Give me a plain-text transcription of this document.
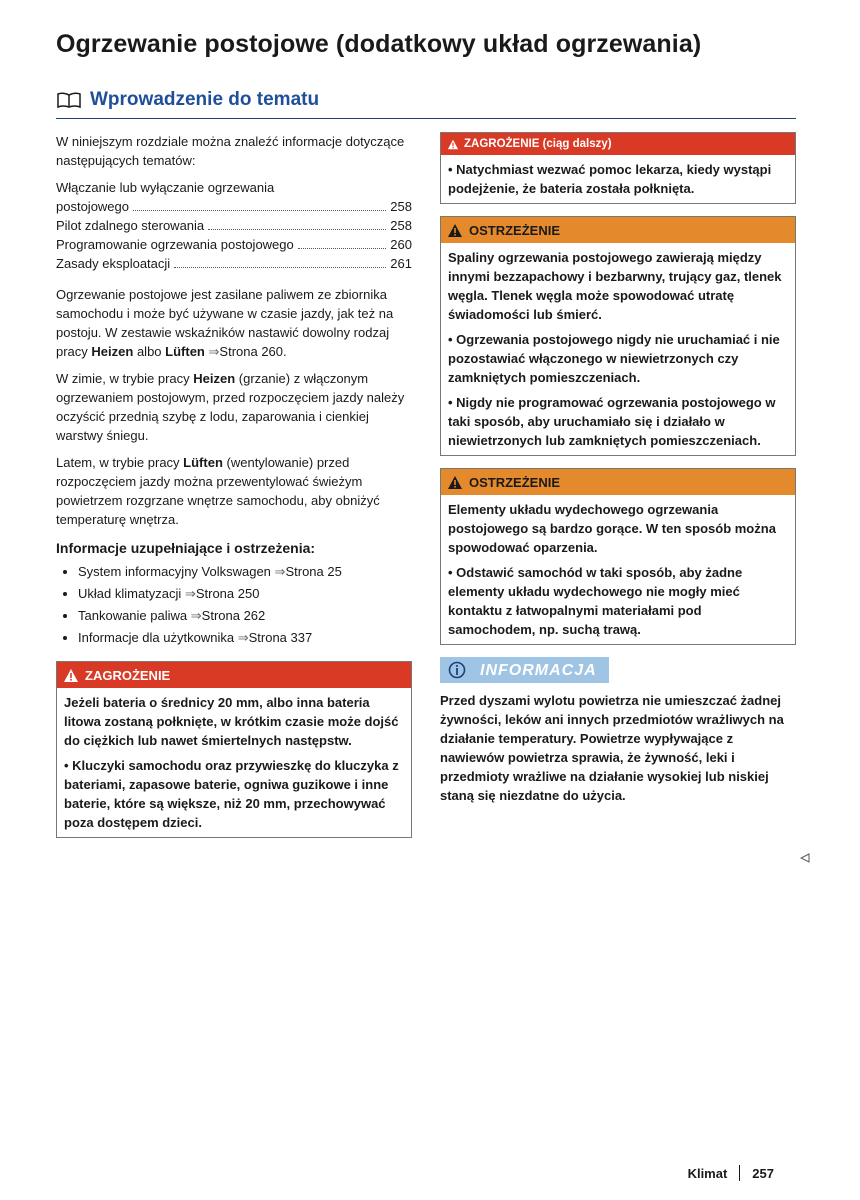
Ogrzewanie postojowe (dodatkowy układ ogrzewania)
Wprowadzenie do tematu

W niniejszym rozdziale można znaleźć informacje dotyczące następujących tematów:

Włączanie lub wyłączanie ogrzewania
postojowego	258
Pilot zdalnego sterowania	258
Programowanie ogrzewania postojowego	260
Zasady eksploatacji	261

Ogrzewanie postojowe jest zasilane paliwem ze zbiornika samochodu i może być używane w czasie jazdy, jak też na postoju. W zestawie wskaźników nastawić dowolny rodzaj pracy Heizen albo Lüften ⇒Strona 260.

W zimie, w trybie pracy Heizen (grzanie) z włączonym ogrzewaniem postojowym, przed rozpoczęciem jazdy należy oczyścić przednią szybę z lodu, zaparowania i cienkiej warstwy śniegu.

Latem, w trybie pracy Lüften (wentylowanie) przed rozpoczęciem jazdy można przewentylować świeżym powietrzem rozgrzane wnętrze samochodu, aby obniżyć temperaturę wnętrza.

Informacje uzupełniające i ostrzeżenia:
• System informacyjny Volkswagen ⇒Strona 25
• Układ klimatyzacji ⇒Strona 250
• Tankowanie paliwa ⇒Strona 262
• Informacje dla użytkownika ⇒Strona 337
ZAGROŻENIE

Jeżeli bateria o średnicy 20 mm, albo inna bateria litowa zostaną połknięte, w krótkim czasie może dojść do ciężkich lub nawet śmiertelnych następstw.

• Kluczyki samochodu oraz przywieszkę do kluczyka z bateriami, zapasowe baterie, ogniwa guzikowe i inne baterie, które są większe, niż 20 mm, przechowywać poza dostępem dzieci.

ZAGROŻENIE (ciąg dalszy)

• Natychmiast wezwać pomoc lekarza, kiedy wystąpi podejżenie, że bateria została połknięta.

OSTRZEŻENIE

Spaliny ogrzewania postojowego zawierają między innymi bezzapachowy i bezbarwny, trujący gaz, tlenek węgla. Tlenek węgla może spowodować utratę świadomości lub śmierć.

• Ogrzewania postojowego nigdy nie uruchamiać i nie pozostawiać włączonego w niewietrzonych czy zamkniętych pomieszczeniach.

• Nigdy nie programować ogrzewania postojowego w taki sposób, aby uruchamiało się i działało w niewietrzonych lub zamkniętych pomieszczeniach.

OSTRZEŻENIE

Elementy układu wydechowego ogrzewania postojowego są bardzo gorące. W ten sposób można spowodować oparzenia.

• Odstawić samochód w taki sposób, aby żadne elementy układu wydechowego nie mogły mieć kontaktu z łatwopalnymi materiałami pod samochodem, np. suchą trawą.

INFORMACJA
Przed dyszami wylotu powietrza nie umieszczać żadnej żywności, leków ani innych przedmiotów wrażliwych na działanie temperatury. Powietrze wypływające z nawiewów powietrza sprawia, że żywność, leki i przedmioty wrażliwe na działanie wysokiej lub niskiej staną się niezdatne do użycia.
Klimat 257
